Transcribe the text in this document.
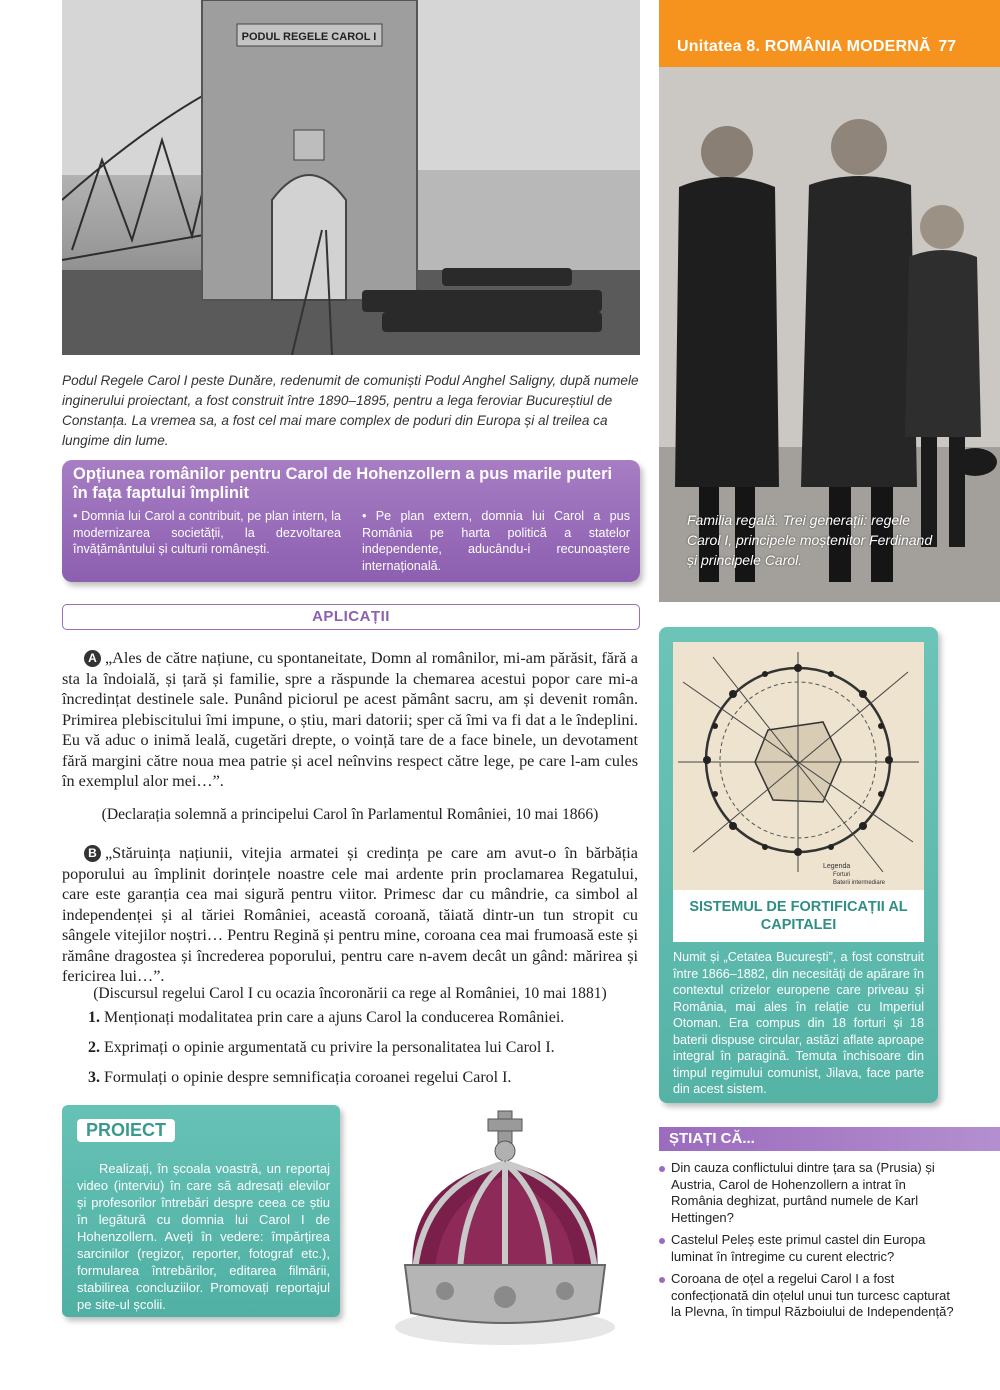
Unitatea 8. ROMÂNIA MODERNĂ 77
PODUL REGELE CAROL I
Podul Regele Carol I peste Dunăre, redenumit de comuniști Podul Anghel Saligny, după numele inginerului proiectant, a fost construit între 1890–1895, pentru a lega feroviar Bucureștiul de Constanța. La vremea sa, a fost cel mai mare complex de poduri din Europa și al treilea ca lungime din lume.
Familia regală. Trei generații: regele Carol I, principele moștenitor Ferdinand și principele Carol.
Opțiunea românilor pentru Carol de Hohenzollern a pus marile puteri în fața faptului împlinit
• Domnia lui Carol a contribuit, pe plan intern, la modernizarea societății, la dezvoltarea învățământului și culturii românești.
• Pe plan extern, domnia lui Carol a pus România pe harta politică a statelor independente, aducându-i recunoaștere internațională.
APLICAȚII
A „Ales de către națiune, cu spontaneitate, Domn al românilor, mi-am părăsit, fără a sta la îndoială, și țară și familie, spre a răspunde la chemarea acestui popor care mi-a încredințat destinele sale. Punând piciorul pe acest pământ sacru, am și devenit român. Primirea plebiscitului îmi impune, o știu, mari datorii; sper că îmi va fi dat a le îndeplini. Eu vă aduc o inimă leală, cugetări drepte, o voință tare de a face binele, un devotament fără margini către noua mea patrie și acel neînvins respect către lege, pe care l-am cules în exemplul alor mei…”.
(Declarația solemnă a principelui Carol în Parlamentul României, 10 mai 1866)
B „Stăruința națiunii, vitejia armatei și credința pe care am avut-o în bărbăția poporului au împlinit dorințele noastre cele mai ardente prin proclamarea Regatului, care este garanția cea mai sigură pentru viitor. Primesc dar cu mândrie, ca simbol al independenței și al tăriei României, această coroană, tăiată dintr-un tun stropit cu sângele vitejilor noștri… Pentru Regină și pentru mine, coroana cea mai frumoasă este și rămâne dragostea și încrederea poporului, pentru care n-avem decât un gând: mărirea și fericirea lui…”.
(Discursul regelui Carol I cu ocazia încoronării ca rege al României, 10 mai 1881)
1. Menționați modalitatea prin care a ajuns Carol la conducerea României.
2. Exprimați o opinie argumentată cu privire la personalitatea lui Carol I.
3. Formulați o opinie despre semnificația coroanei regelui Carol I.
PROIECT
Realizați, în școala voastră, un reportaj video (interviu) în care să adresați elevilor și profesorilor întrebări despre ceea ce știu în legătură cu domnia lui Carol I de Hohenzollern. Aveți în vedere: împărțirea sarcinilor (regizor, reporter, fotograf etc.), formularea întrebărilor, editarea filmării, stabilirea concluziilor. Promovați reportajul pe site-ul școlii.
Legenda
Forturi
Baterii intermediare
SISTEMUL DE FORTIFICAȚII AL CAPITALEI
Numit și „Cetatea București”, a fost construit între 1866–1882, din necesități de apărare în contextul crizelor europene care priveau și România, mai ales în relație cu Imperiul Otoman. Era compus din 18 forturi și 18 baterii dispuse circular, astăzi aflate aproape integral în paragină. Temuta închisoare din timpul regimului comunist, Jilava, face parte din acest sistem.
ȘTIAȚI CĂ...
Din cauza conflictului dintre țara sa (Prusia) și Austria, Carol de Hohenzollern a intrat în România deghizat, purtând numele de Karl Hettingen?
Castelul Peleș este primul castel din Europa luminat în întregime cu curent electric?
Coroana de oțel a regelui Carol I a fost confecționată din oțelul unui tun turcesc capturat la Plevna, în timpul Războiului de Independență?
